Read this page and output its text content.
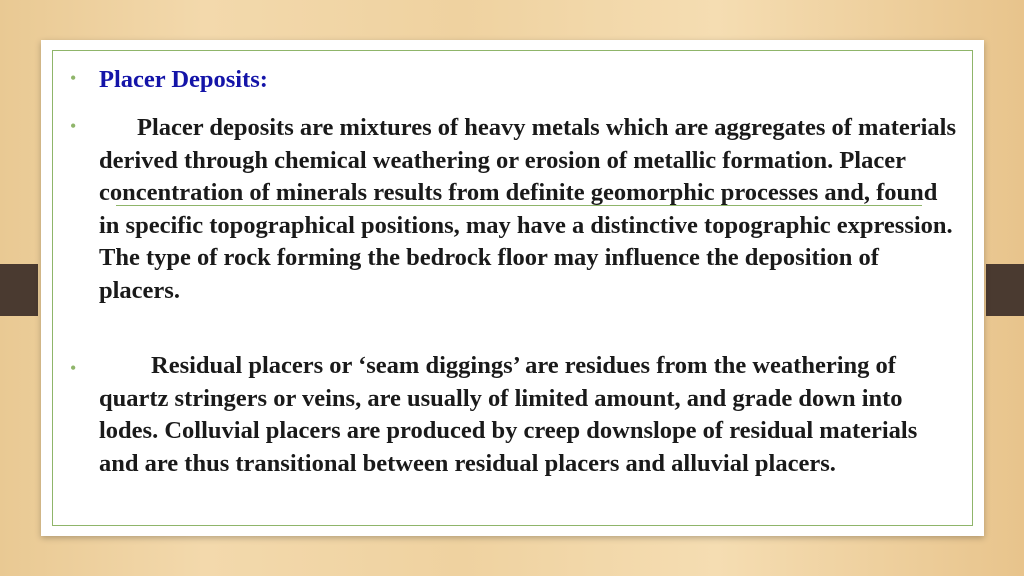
• Placer Deposits:
•	Placer deposits are mixtures of heavy metals which are aggregates of materials derived through chemical weathering or erosion of metallic formation. Placer concentration of minerals results from definite geomorphic processes and, found in specific topographical positions, may have a distinctive topographic expression. The type of rock forming the bedrock floor may influence the deposition of placers.

•	Residual placers or ‘seam diggings’ are residues from the weathering of quartz stringers or veins, are usually of limited amount, and grade down into lodes. Colluvial placers are produced by creep downslope of residual materials and are thus transitional between residual placers and alluvial placers.
